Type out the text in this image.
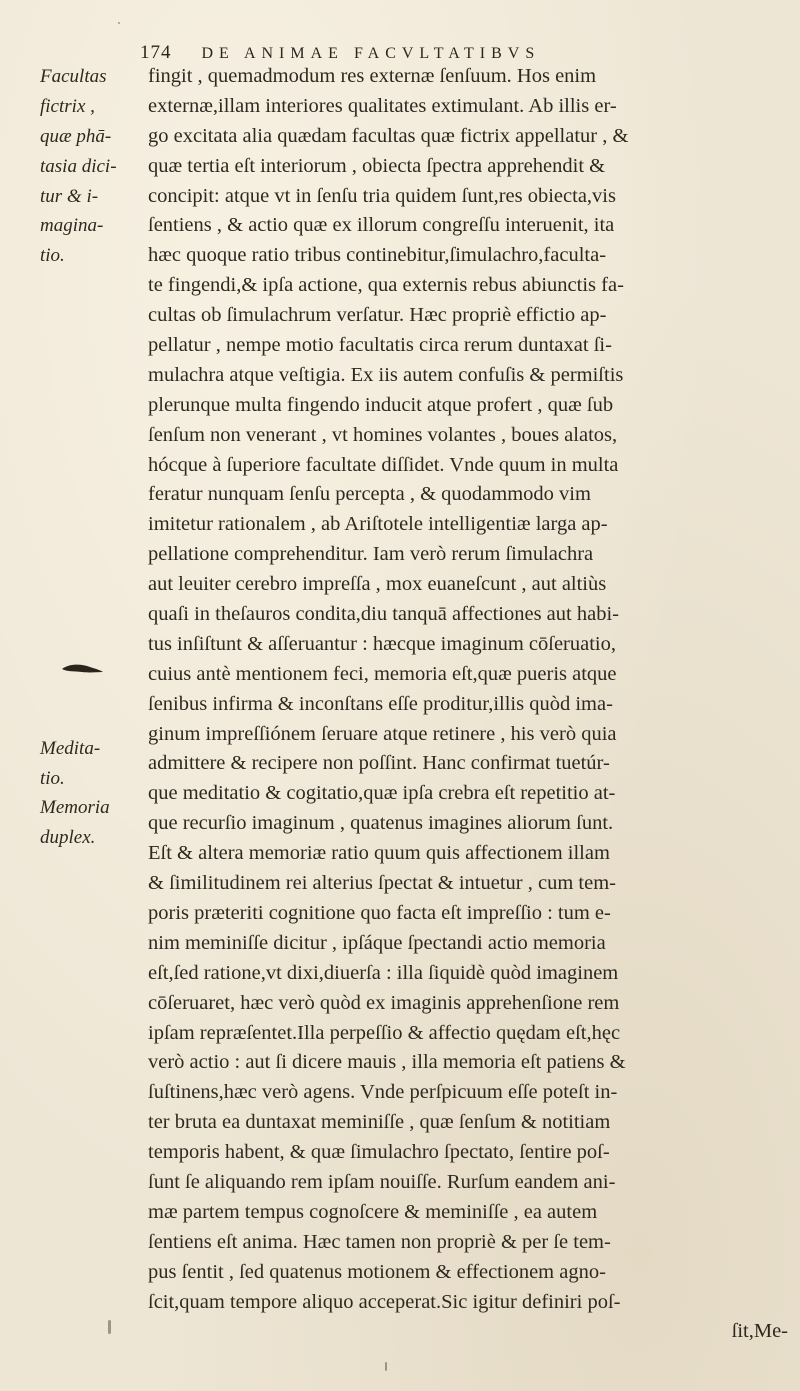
174 DE ANIMAE FACVLTATIBVS
Facultas
fictrix ,
quæ phā-
tasia dici-
tur & i-
magina-
tio.
Medita-
tio.
Memoria
duplex.
fingit , quemadmodum res externæ ſenſuum. Hos enim
externæ,illam interiores qualitates extimulant. Ab illis er-
go excitata alia quædam facultas quæ fictrix appellatur , &
quæ tertia eſt interiorum , obiecta ſpectra apprehendit &
concipit: atque vt in ſenſu tria quidem ſunt,res obiecta,vis
ſentiens , & actio quæ ex illorum congreſſu interuenit, ita
hæc quoque ratio tribus continebitur,ſimulachro,faculta-
te fingendi,& ipſa actione, qua externis rebus abiunctis fa-
cultas ob ſimulachrum verſatur. Hæc propriè effictio ap-
pellatur , nempe motio facultatis circa rerum duntaxat ſi-
mulachra atque veſtigia. Ex iis autem confuſis & permiſtis
plerunque multa fingendo inducit atque profert , quæ ſub
ſenſum non venerant , vt homines volantes , boues alatos,
hócque à ſuperiore facultate diſſidet. Vnde quum in multa
feratur nunquam ſenſu percepta , & quodammodo vim
imitetur rationalem , ab Ariſtotele intelligentiæ larga ap-
pellatione comprehenditur. Iam verò rerum ſimulachra
aut leuiter cerebro impreſſa , mox euaneſcunt , aut altiùs
quaſi in theſauros condita,diu tanquā affectiones aut habi-
tus inſiſtunt & aſſeruantur : hæcque imaginum cōſeruatio,
cuius antè mentionem feci, memoria eſt,quæ pueris atque
ſenibus infirma & inconſtans eſſe proditur,illis quòd ima-
ginum impreſſiónem ſeruare atque retinere , his verò quia
admittere & recipere non poſſint. Hanc confirmat tuetúr-
que meditatio & cogitatio,quæ ipſa crebra eſt repetitio at-
que recurſio imaginum , quatenus imagines aliorum ſunt.
Eſt & altera memoriæ ratio quum quis affectionem illam
& ſimilitudinem rei alterius ſpectat & intuetur , cum tem-
poris præteriti cognitione quo facta eſt impreſſio : tum e-
nim meminiſſe dicitur , ipſáque ſpectandi actio memoria
eſt,ſed ratione,vt dixi,diuerſa : illa ſiquidè quòd imaginem
cōſeruaret, hæc verò quòd ex imaginis apprehenſione rem
ipſam repræſentet.Illa perpeſſio & affectio quędam eſt,hęc
verò actio : aut ſi dicere mauis , illa memoria eſt patiens &
ſuſtinens,hæc verò agens. Vnde perſpicuum eſſe poteſt in-
ter bruta ea duntaxat meminiſſe , quæ ſenſum & notitiam
temporis habent, & quæ ſimulachro ſpectato, ſentire poſ-
ſunt ſe aliquando rem ipſam nouiſſe. Rurſum eandem ani-
mæ partem tempus cognoſcere & meminiſſe , ea autem
ſentiens eſt anima. Hæc tamen non propriè & per ſe tem-
pus ſentit , ſed quatenus motionem & effectionem agno-
ſcit,quam tempore aliquo acceperat.Sic igitur definiri poſ-
ſit,Me-
